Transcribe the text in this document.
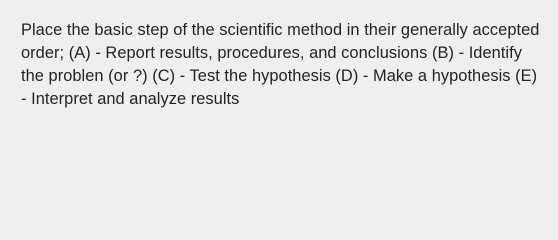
Place the basic step of the scientific method in their generally accepted order; (A) - Report results, procedures, and conclusions (B) - Identify the problen (or ?) (C) - Test the hypothesis (D) - Make a hypothesis (E) - Interpret and analyze results
